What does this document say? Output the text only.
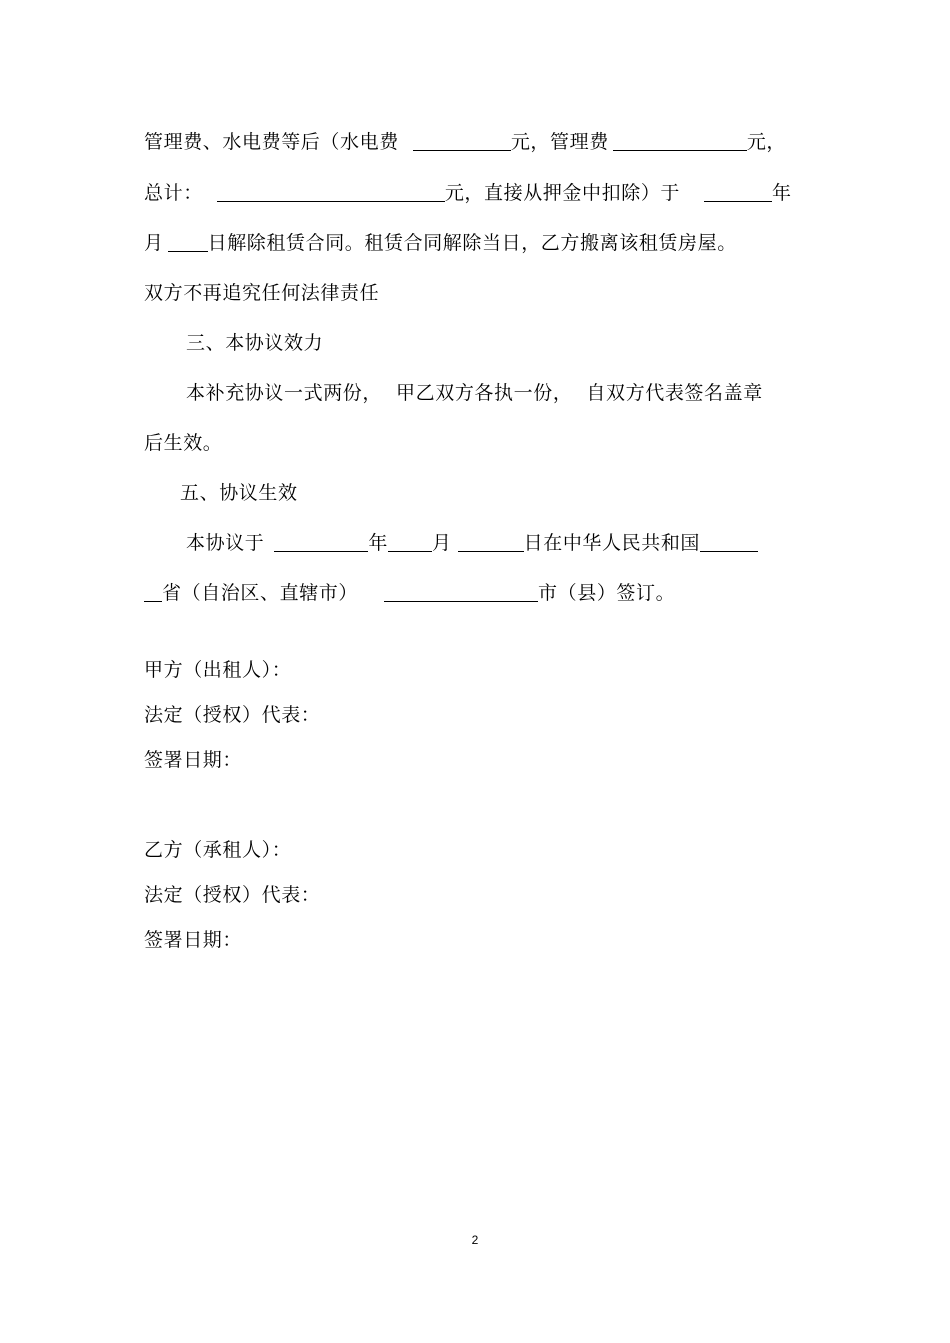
管理费、水电费等后（水电费	元，管理费	元，
总计：	元，直接从押金中扣除）于	年
月 日解除租赁合同。租赁合同解除当日，乙方搬离该租赁房屋。
双方不再追究任何法律责任
三、本协议效力
本补充协议一式两份， 甲乙双方各执一份， 自双方代表签名盖章
后生效。
五、协议生效
本协议于	年 月	日在中华人民共和国
省（自治区、直辖市）	市（县）签订。
甲方（出租人）：
法定（授权）代表：
签署日期：
乙方（承租人）：
法定（授权）代表：
签署日期：
2
